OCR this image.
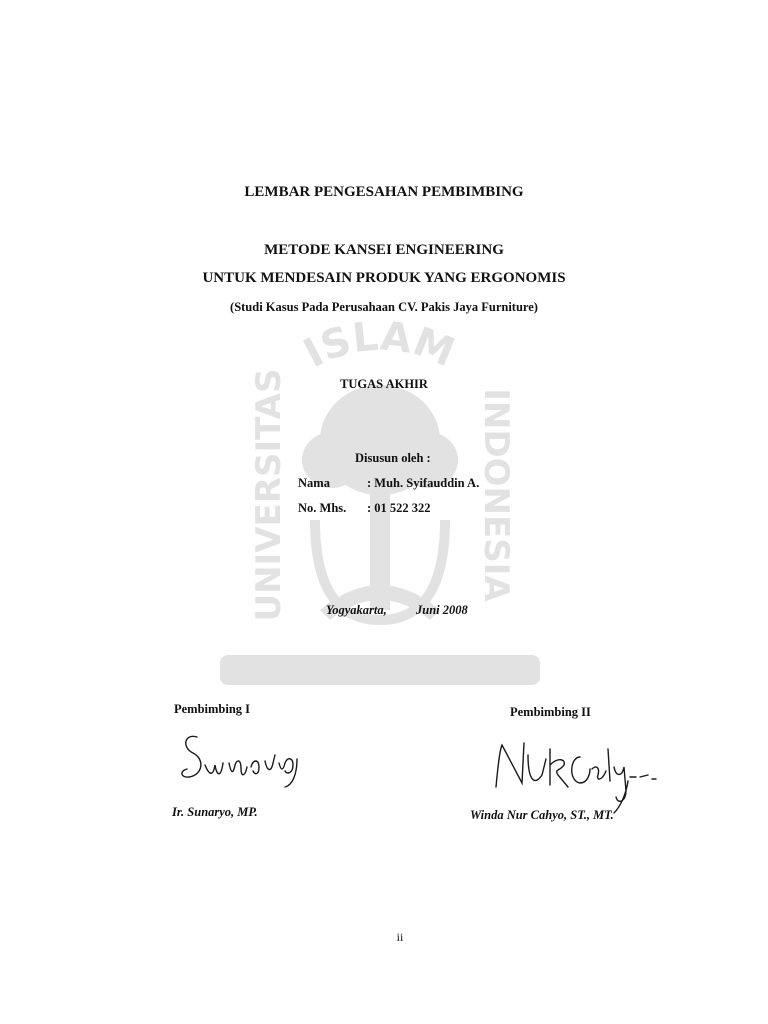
ISLAM
UNIVERSITAS
INDONESIA
LEMBAR PENGESAHAN PEMBIMBING
METODE KANSEI ENGINEERING
UNTUK MENDESAIN PRODUK YANG ERGONOMIS
(Studi Kasus Pada Perusahaan CV. Pakis Jaya Furniture)
TUGAS AKHIR
Disusun oleh :
Nama	: Muh. Syifauddin A.
No. Mhs. : 01 522 322
Yogyakarta, Juni 2008
Pembimbing I
Ir. Sunaryo, MP.
Pembimbing II
Winda Nur Cahyo, ST., MT.
ii
